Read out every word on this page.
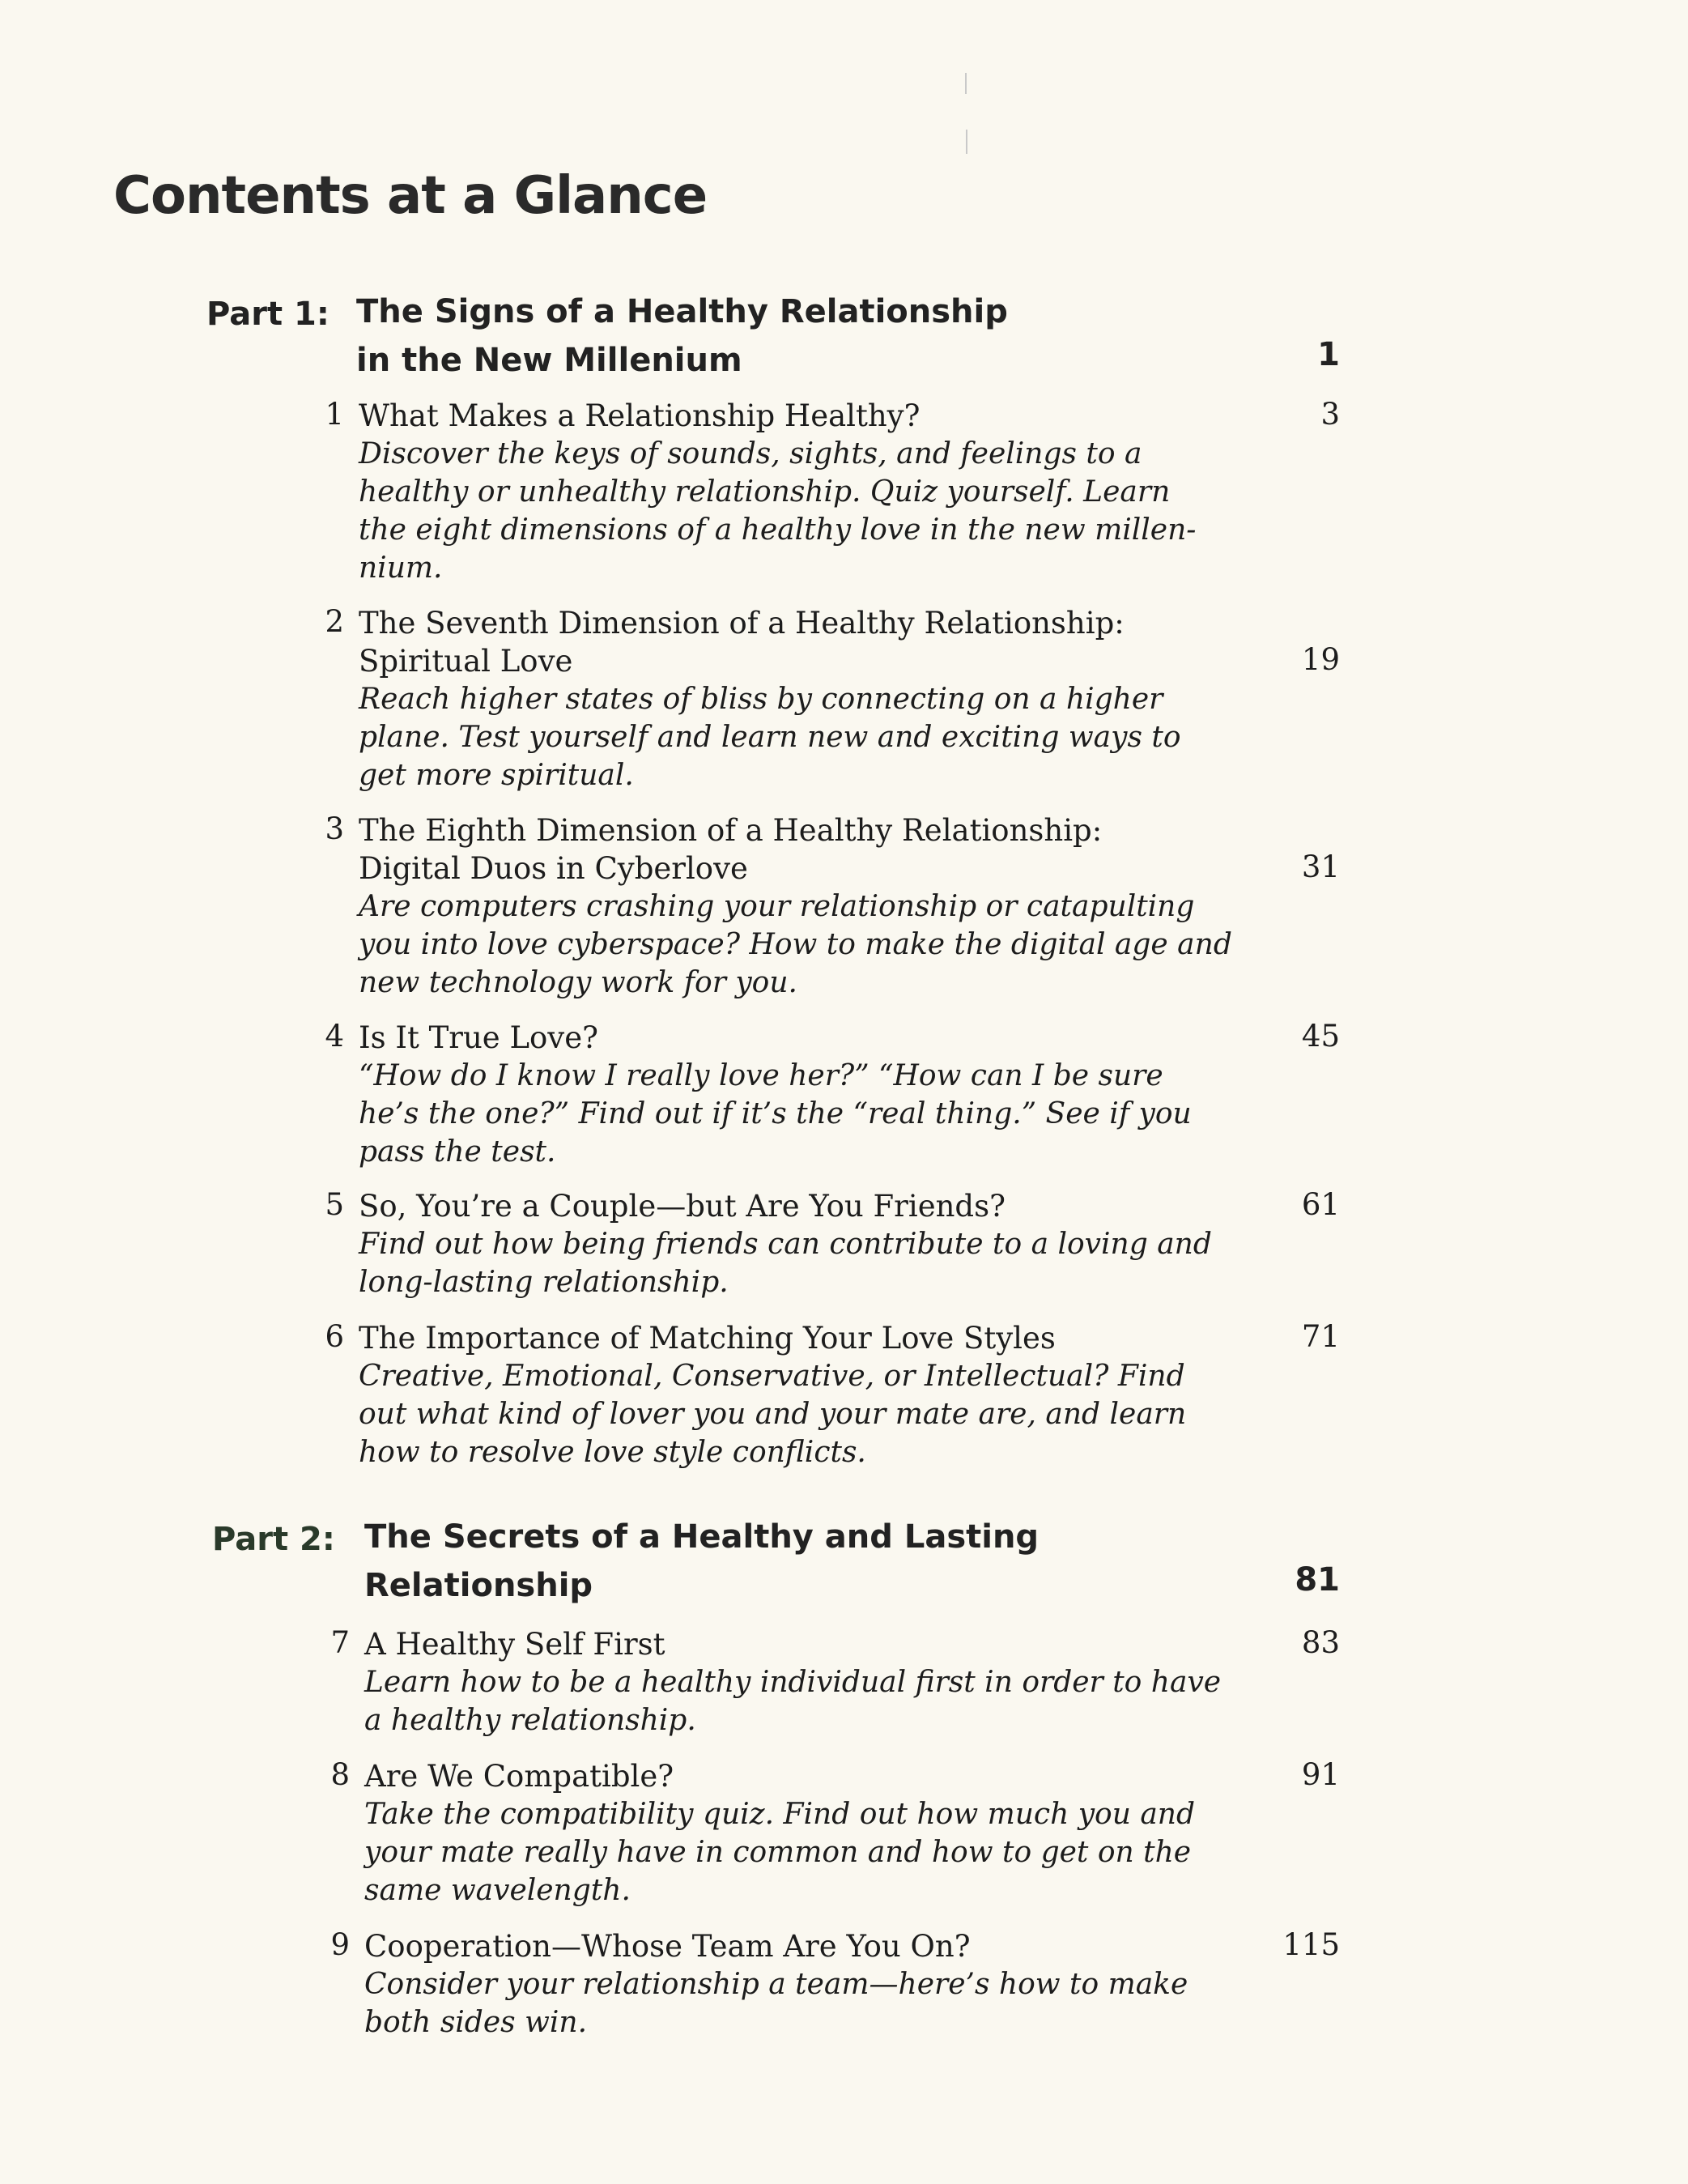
Contents at a Glance
Part 1: The Signs of a Healthy Relationship
in the New Millenium	1
1 What Makes a Relationship Healthy?	3
Discover the keys of sounds, sights, and feelings to a
healthy or unhealthy relationship. Quiz yourself. Learn
the eight dimensions of a healthy love in the new millen-
nium.
2 The Seventh Dimension of a Healthy Relationship:
Spiritual Love	19
Reach higher states of bliss by connecting on a higher
plane. Test yourself and learn new and exciting ways to
get more spiritual.
3 The Eighth Dimension of a Healthy Relationship:
Digital Duos in Cyberlove	31
Are computers crashing your relationship or catapulting
you into love cyberspace? How to make the digital age and
new technology work for you.
4 Is It True Love?	45
“How do I know I really love her?” “How can I be sure
he’s the one?” Find out if it’s the “real thing.” See if you
pass the test.
5 So, You’re a Couple—but Are You Friends?	61
Find out how being friends can contribute to a loving and
long-lasting relationship.
6 The Importance of Matching Your Love Styles	71
Creative, Emotional, Conservative, or Intellectual? Find
out what kind of lover you and your mate are, and learn
how to resolve love style conflicts.
Part 2: The Secrets of a Healthy and Lasting
Relationship	81
7 A Healthy Self First	83
Learn how to be a healthy individual first in order to have
a healthy relationship.
8 Are We Compatible?	91
Take the compatibility quiz. Find out how much you and
your mate really have in common and how to get on the
same wavelength.
9 Cooperation—Whose Team Are You On?	115
Consider your relationship a team—here’s how to make
both sides win.
